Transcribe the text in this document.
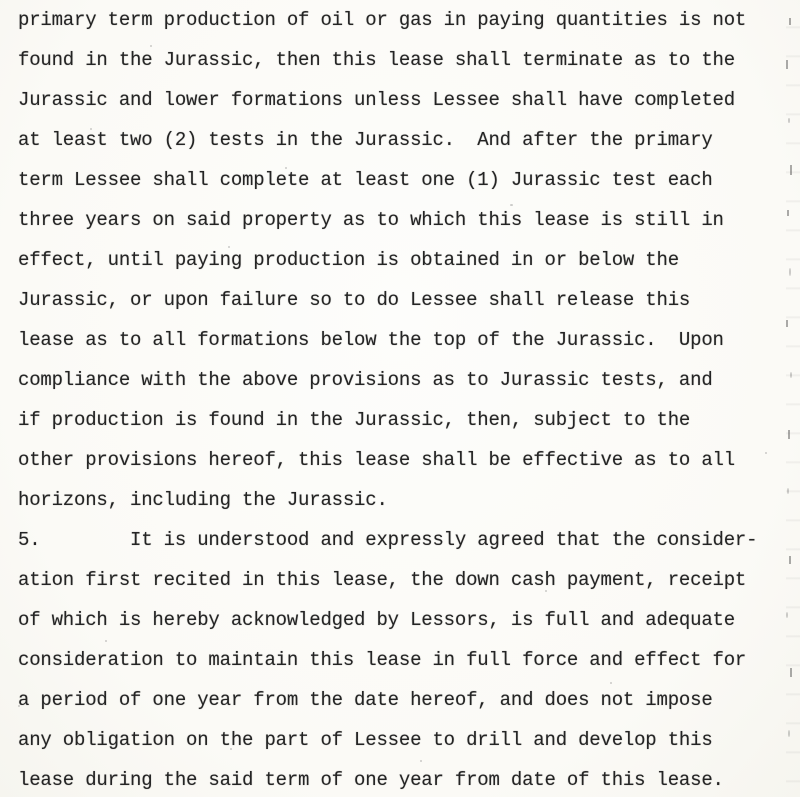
primary term production of oil or gas in paying quantities is not
found in the Jurassic, then this lease shall terminate as to the
Jurassic and lower formations unless Lessee shall have completed
at least two (2) tests in the Jurassic.  And after the primary
term Lessee shall complete at least one (1) Jurassic test each
three years on said property as to which this lease is still in
effect, until paying production is obtained in or below the
Jurassic, or upon failure so to do Lessee shall release this
lease as to all formations below the top of the Jurassic.  Upon
compliance with the above provisions as to Jurassic tests, and
if production is found in the Jurassic, then, subject to the
other provisions hereof, this lease shall be effective as to all
horizons, including the Jurassic.
5.        It is understood and expressly agreed that the consider-
ation first recited in this lease, the down cash payment, receipt
of which is hereby acknowledged by Lessors, is full and adequate
consideration to maintain this lease in full force and effect for
a period of one year from the date hereof, and does not impose
any obligation on the part of Lessee to drill and develop this
lease during the said term of one year from date of this lease.
